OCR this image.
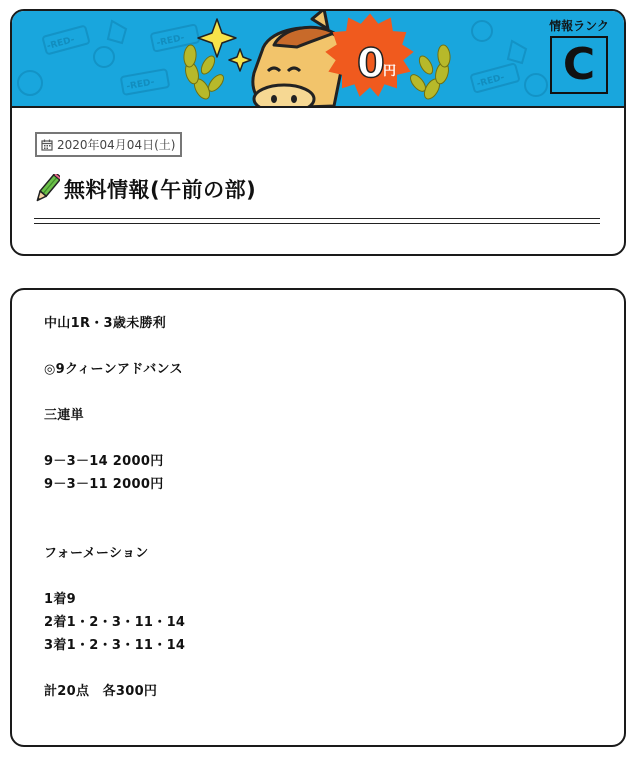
-RED-	-RED-
-RED-	-RED-
0
円
情報ランク
C
2020年04月04日(土)
無料情報(午前の部)
中山1R・3歳未勝利
◎9クィーンアドバンス
三連単
9－3－14 2000円
9－3－11 2000円
フォーメーション
1着9
2着1・2・3・11・14
3着1・2・3・11・14
計20点　各300円
